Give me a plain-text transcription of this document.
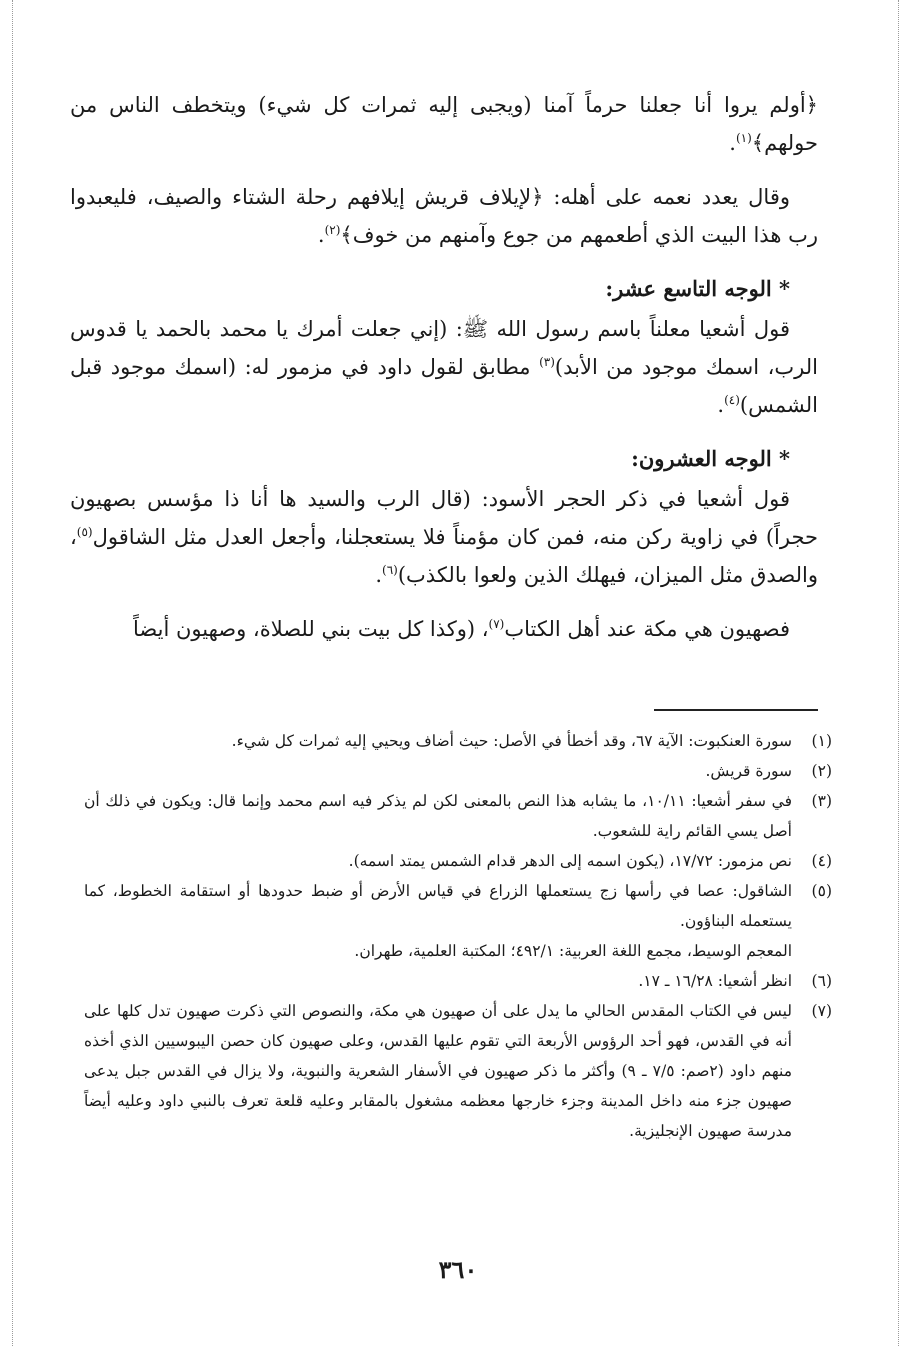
﴿أولم يروا أنا جعلنا حرماً آمنا (ويجبى إليه ثمرات كل شيء) ويتخطف الناس من حولهم﴾$^{(١)}$.

وقال يعدد نعمه على أهله: ﴿لإيلاف قريش إيلافهم رحلة الشتاء والصيف، فليعبدوا رب هذا البيت الذي أطعمهم من جوع وآمنهم من خوف﴾$^{(٢)}$.

* الوجه التاسع عشر:

قول أشعيا معلناً باسم رسول الله ﷺ: (إني جعلت أمرك يا محمد بالحمد يا قدوس الرب، اسمك موجود من الأبد)$^{(٣)}$ مطابق لقول داود في مزمور له: (اسمك موجود قبل الشمس)$^{(٤)}$.

* الوجه العشرون:

قول أشعيا في ذكر الحجر الأسود: (قال الرب والسيد ها أنا ذا مؤسس بصهيون حجراً) في زاوية ركن منه، فمن كان مؤمناً فلا يستعجلنا، وأجعل العدل مثل الشاقول$^{(٥)}$، والصدق مثل الميزان، فيهلك الذين ولعوا بالكذب)$^{(٦)}$.

فصهيون هي مكة عند أهل الكتاب$^{(٧)}$، (وكذا كل بيت بني للصلاة، وصهيون أيضاً

(١)
سورة العنكبوت: الآية ٦٧، وقد أخطأ في الأصل: حيث أضاف ويحيي إليه ثمرات كل شيء.
(٢)
سورة قريش.
(٣)
في سفر أشعيا: ١٠/١١، ما يشابه هذا النص بالمعنى لكن لم يذكر فيه اسم محمد وإنما قال: ويكون في ذلك أن أصل يسي القائم راية للشعوب.
(٤)
نص مزمور: ١٧/٧٢، (يكون اسمه إلى الدهر قدام الشمس يمتد اسمه).
(٥)
الشاقول: عصا في رأسها زج يستعملها الزراع في قياس الأرض أو ضبط حدودها أو استقامة الخطوط، كما يستعمله البناؤون.
المعجم الوسيط، مجمع اللغة العربية: ٤٩٢/١؛ المكتبة العلمية، طهران.
(٦)
انظر أشعيا: ١٦/٢٨ ـ ١٧.
(٧)
ليس في الكتاب المقدس الحالي ما يدل على أن صهيون هي مكة، والنصوص التي ذكرت صهيون تدل كلها على أنه في القدس، فهو أحد الرؤوس الأربعة التي تقوم عليها القدس، وعلى صهيون كان حصن اليبوسيين الذي أخذه منهم داود (٢صم: ٧/٥ ـ ٩) وأكثر ما ذكر صهيون في الأسفار الشعرية والنبوية، ولا يزال في القدس جبل يدعى صهيون جزء منه داخل المدينة وجزء خارجها معظمه مشغول بالمقابر وعليه قلعة تعرف بالنبي داود وعليه أيضاً مدرسة صهيون الإنجليزية.
٣٦٠
